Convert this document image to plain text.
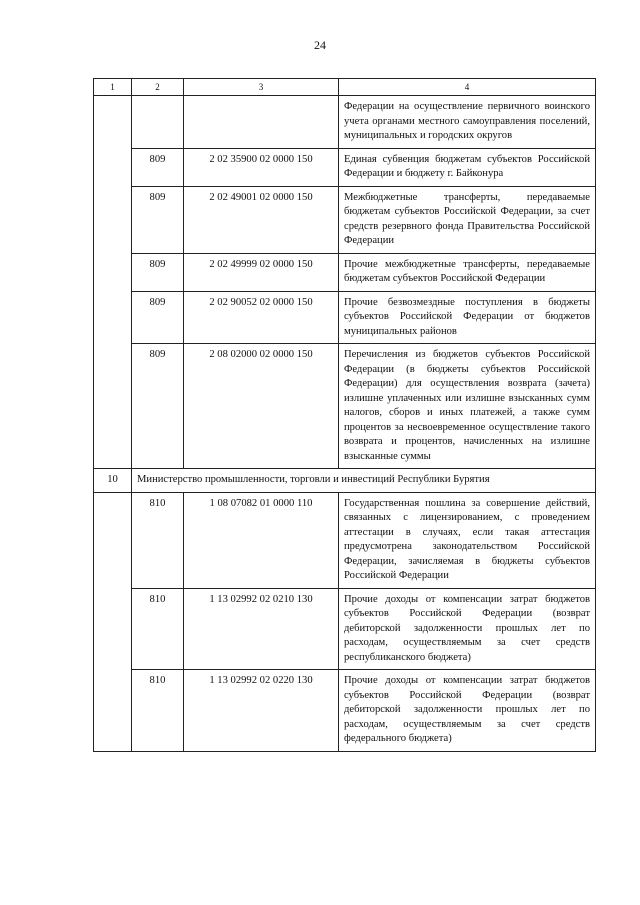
24
1	2	3	4
			Федерации на осуществление первичного воинского учета органами местного самоуправления поселений, муниципальных и городских округов
	809	2 02 35900 02 0000 150	Единая субвенция бюджетам субъектов Российской Федерации и бюджету г. Байконура
	809	2 02 49001 02 0000 150	Межбюджетные трансферты, передаваемые бюджетам субъектов Российской Федерации, за счет средств резервного фонда Правительства Российской Федерации
	809	2 02 49999 02 0000 150	Прочие межбюджетные трансферты, передаваемые бюджетам субъектов Российской Федерации
	809	2 02 90052 02 0000 150	Прочие безвозмездные поступления в бюджеты субъектов Российской Федерации от бюджетов муниципальных районов
	809	2 08 02000 02 0000 150	Перечисления из бюджетов субъектов Российской Федерации (в бюджеты субъектов Российской Федерации) для осуществления возврата (зачета) излишне уплаченных или излишне взысканных сумм налогов, сборов и иных платежей, а также сумм процентов за несвоевременное осуществление такого возврата и процентов, начисленных на излишне взысканные суммы
10	Министерство промышленности, торговли и инвестиций Республики Бурятия		
	810	1 08 07082 01 0000 110	Государственная пошлина за совершение действий, связанных с лицензированием, с проведением аттестации в случаях, если такая аттестация предусмотрена законодательством Российской Федерации, зачисляемая в бюджеты субъектов Российской Федерации
	810	1 13 02992 02 0210 130	Прочие доходы от компенсации затрат бюджетов субъектов Российской Федерации (возврат дебиторской задолженности прошлых лет по расходам, осуществляемым за счет средств республиканского бюджета)
	810	1 13 02992 02 0220 130	Прочие доходы от компенсации затрат бюджетов субъектов Российской Федерации (возврат дебиторской задолженности прошлых лет по расходам, осуществляемым за счет средств федерального бюджета)
